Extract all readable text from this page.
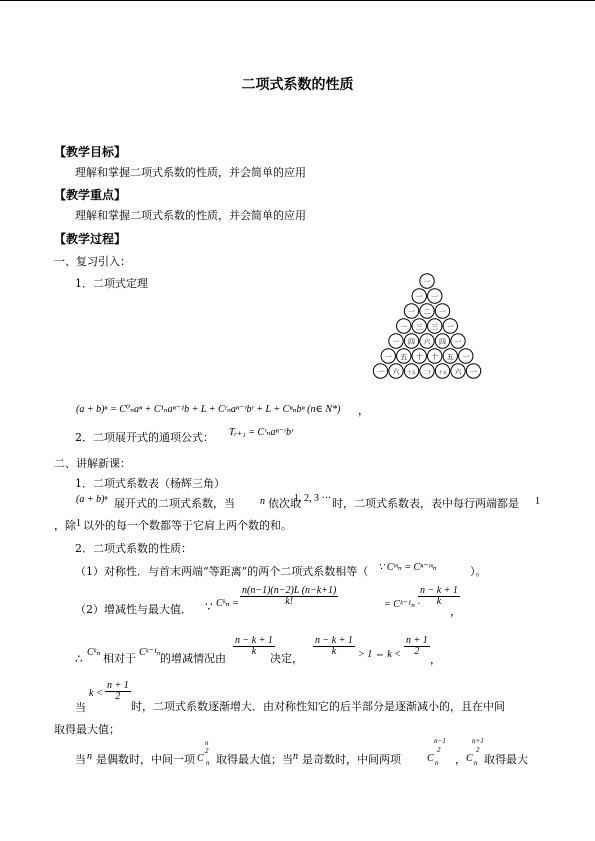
二项式系数的性质
【教学目标】
理解和掌握二项式系数的性质，并会简单的应用
【教学重点】
理解和掌握二项式系数的性质，并会简单的应用
【教学过程】
一、复习引入：
1．二项式定理	一
一 一
一 二 一
一 三 三 一
一 四 六 四 一
一 五 十 十 五 一
一 六 十五 二十 十五 六 一
(a + b)ⁿ = C⁰ₙaⁿ + C¹ₙaⁿ⁻¹b + L + Cʳₙaⁿ⁻ʳbʳ + L + Cⁿₙbⁿ (n∈ N*) ，
2．二项展开式的通项公式： Tᵣ₊₁ = Cʳₙaⁿ⁻ʳbʳ
二、讲解新课：
1．二项式系数表（杨辉三角）
(a + b)ⁿ 展开式的二项式系数，当	n 依次取
1, 2, 3 ··· 时，二项式系数表，表中每行两端都是 1
，除 1 以外的每一个数都等于它肩上两个数的和。
2．二项式系数的性质：
（1）对称性．与首末两端“等距离”的两个二项式系数相等（ ∵ Cᵐₙ = Cⁿ⁻ᵐₙ	）。
（2）增减性与最大值． ∵ Cᵏₙ = $\frac{n(n-1)(n-2)L (n-k+1)}{k!}$	= Cᵏ⁻¹ₙ ·
$\frac{n - k + 1}{k}$
，
∴ Cᵏₙ 相对于 Cᵏ⁻¹ₙ 的增减情况由
$\frac{n - k + 1}{k}$
决定，
$\frac{n - k + 1}{k} > 1$ ⇔ $k < \frac{n + 1}{2}$
，
当
$k < \frac{n + 1}{2}$
时，二项式系数逐渐增大．由对称性知它的后半部分是逐渐减小的，且在中间
取得最大值；
当 n 是偶数时，中间一项
n
2
C n 取得最大值；当 n 是奇数时，中间两项
n−1
2
C n ，
n+1
2
C n 取得最大
